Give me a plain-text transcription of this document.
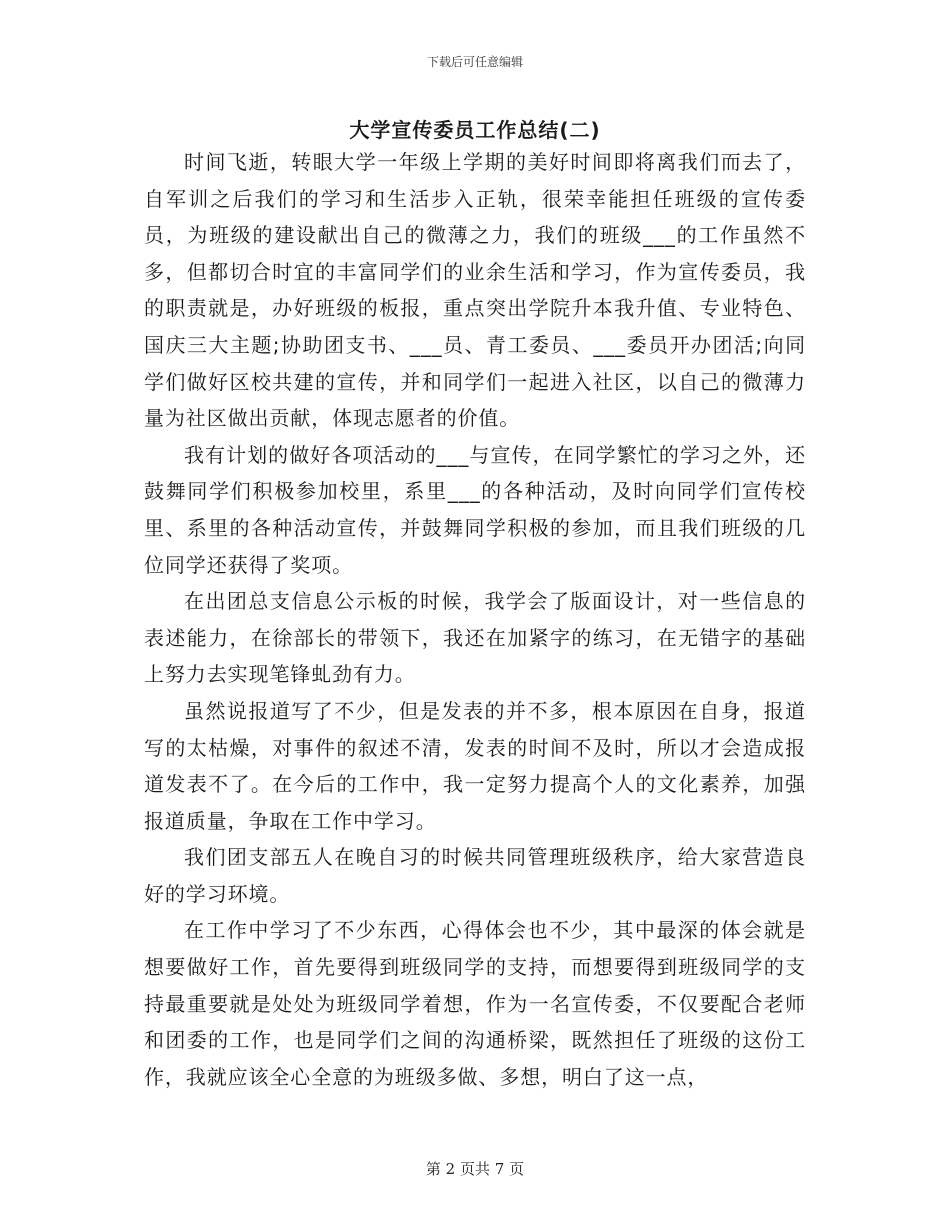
下载后可任意编辑
大学宣传委员工作总结(二)

时间飞逝，转眼大学一年级上学期的美好时间即将离我们而去了，自军训之后我们的学习和生活步入正轨，很荣幸能担任班级的宣传委员，为班级的建设献出自己的微薄之力，我们的班级___的工作虽然不多，但都切合时宜的丰富同学们的业余生活和学习，作为宣传委员，我的职责就是，办好班级的板报，重点突出学院升本我升值、专业特色、国庆三大主题;协助团支书、___员、青工委员、___委员开办团活;向同学们做好区校共建的宣传，并和同学们一起进入社区，以自己的微薄力量为社区做出贡献，体现志愿者的价值。

我有计划的做好各项活动的___与宣传，在同学繁忙的学习之外，还鼓舞同学们积极参加校里，系里___的各种活动，及时向同学们宣传校里、系里的各种活动宣传，并鼓舞同学积极的参加，而且我们班级的几位同学还获得了奖项。

在出团总支信息公示板的时候，我学会了版面设计，对一些信息的表述能力，在徐部长的带领下，我还在加紧字的练习，在无错字的基础上努力去实现笔锋虬劲有力。

虽然说报道写了不少，但是发表的并不多，根本原因在自身，报道写的太枯燥，对事件的叙述不清，发表的时间不及时，所以才会造成报道发表不了。在今后的工作中，我一定努力提高个人的文化素养，加强报道质量，争取在工作中学习。

我们团支部五人在晚自习的时候共同管理班级秩序，给大家营造良好的学习环境。

在工作中学习了不少东西，心得体会也不少，其中最深的体会就是想要做好工作，首先要得到班级同学的支持，而想要得到班级同学的支持最重要就是处处为班级同学着想，作为一名宣传委，不仅要配合老师和团委的工作，也是同学们之间的沟通桥梁，既然担任了班级的这份工作，我就应该全心全意的为班级多做、多想，明白了这一点，

第 2 页共 7 页
